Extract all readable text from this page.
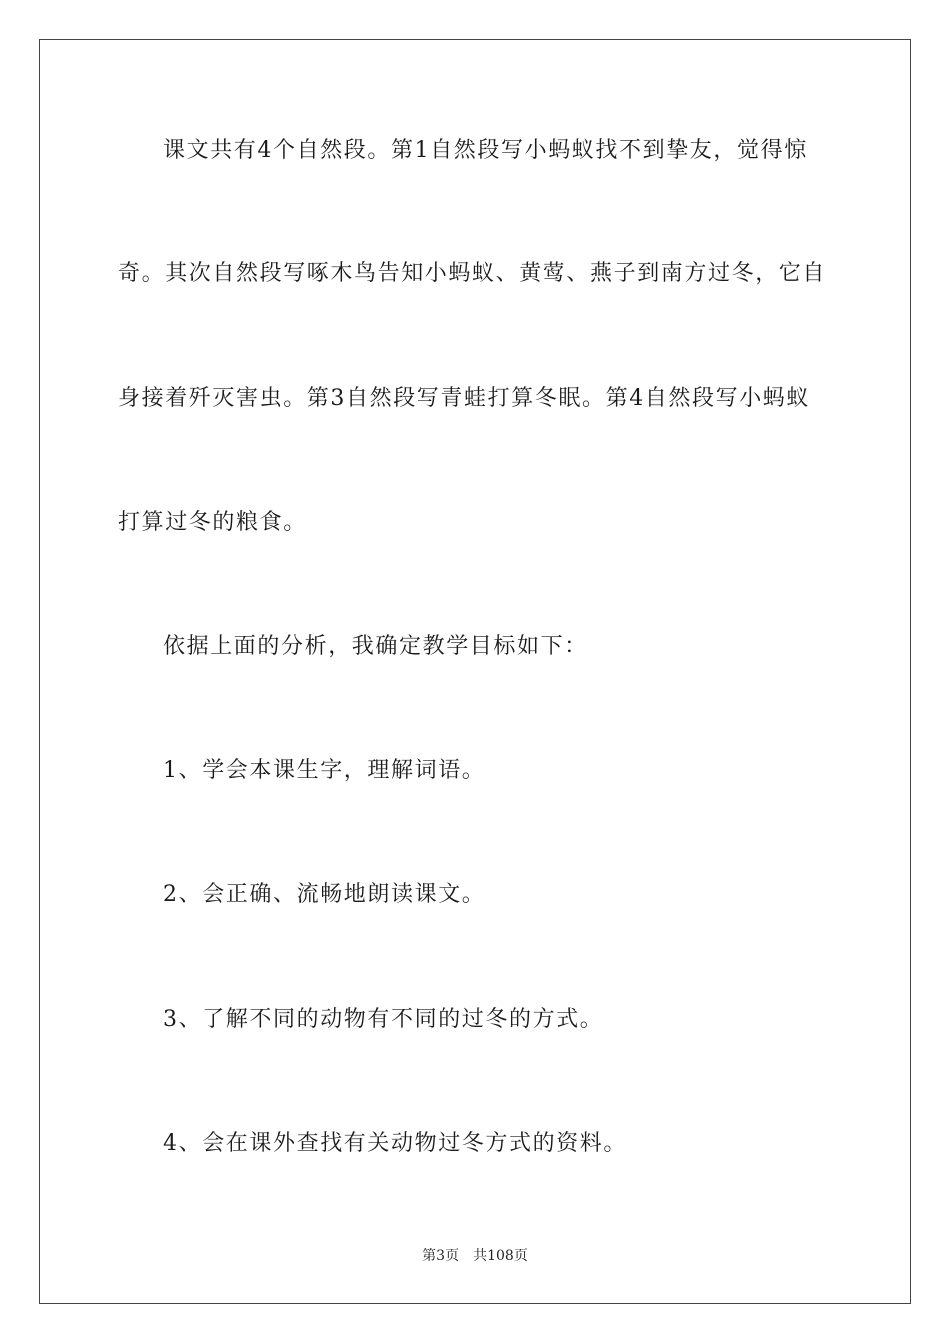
课文共有4个自然段。第1自然段写小蚂蚁找不到挚友，觉得惊
奇。其次自然段写啄木鸟告知小蚂蚁、黄莺、燕子到南方过冬，它自
身接着歼灭害虫。第3自然段写青蛙打算冬眠。第4自然段写小蚂蚁
打算过冬的粮食。
依据上面的分析，我确定教学目标如下：
1、学会本课生字，理解词语。
2、会正确、流畅地朗读课文。
3、了解不同的动物有不同的过冬的方式。
4、会在课外查找有关动物过冬方式的资料。
第3页 共108页
